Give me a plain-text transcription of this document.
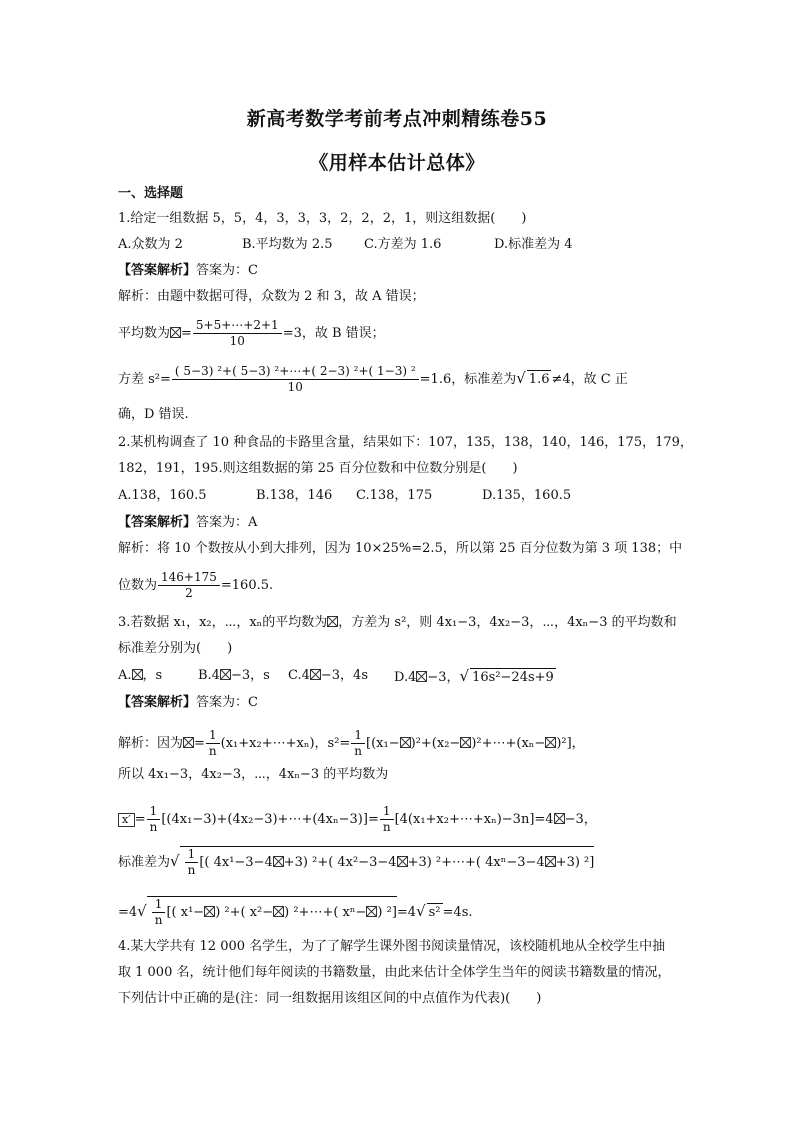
新高考数学考前考点冲刺精练卷55
《用样本估计总体》
一、选择题
1.给定一组数据 5，5，4，3，3，3，2，2，2，1，则这组数据(　　)
A.众数为 2	B.平均数为 2.5 C.方差为 1.6	D.标准差为 4
【答案解析】答案为：C
解析：由题中数据可得，众数为 2 和 3，故 A 错误；
平均数为 = $\frac{5+5+\cdots+2+1}{10} =3$，故 B 错误；
方差 $s^2= \frac{\text{( 5−3) ²+( 5−3) ²+⋯+( 2−3) ²+( 1−3) ²}}{10} =1.6$，标准差为√ 1.6 ≠4，故 C 正
确，D 错误.
2.某机构调查了 10 种食品的卡路里含量，结果如下：107，135，138，140，146，175，179，
182，191，195.则这组数据的第 25 百分位数和中位数分别是(　　)
A.138，160.5	B.138，146 C.138，175	D.135，160.5
【答案解析】答案为：A
解析：将 10 个数按从小到大排列，因为 10×25%=2.5，所以第 25 百分位数为第 3 项 138；中
位数为 $\frac{146+175}{2} =160.5$.
3.若数据 x₁，x₂，⋯，xₙ的平均数为 ，方差为 s²，则 4x₁−3，4x₂−3，⋯，4xₙ−3 的平均数和
标准差分别为(　　)
A. ，s	B.4 −3，s C.4 −3，4s D.4 −3，√ 16s²−24s+9
【答案解析】答案为：C
解析：因为 = $\frac{1}{n}$ (x₁+x₂+⋯+xₙ)，$s^2= \frac{1}{n} [(x_1- )^2+(x_2-$ )²+⋯+(xₙ− )²]，
所以 4x₁−3，4x₂−3，⋯，4xₙ−3 的平均数为
$x' = \frac{1}{n}$ [(4x₁−3)+(4x₂−3)+⋯+(4xₙ−3)]= $\frac{1}{n}$ [4(x₁+x₂+⋯+xₙ)−3n]=4 −3，
标准差为√ $\frac{1}{n}$ [( 4x¹−3−4 +3) ²+( 4x²−3−4 +3) ²+⋯+( 4xⁿ−3−4 +3) ²]
$=4√ \frac{1}{n}$ [( x¹− ) ²+( x²− ) ²+⋯+( xⁿ− ) ²]=4√ s² =4s.
4.某大学共有 12 000 名学生，为了了解学生课外图书阅读量情况，该校随机地从全校学生中抽
取 1 000 名，统计他们每年阅读的书籍数量，由此来估计全体学生当年的阅读书籍数量的情况，
下列估计中正确的是(注：同一组数据用该组区间的中点值作为代表)(　　)
